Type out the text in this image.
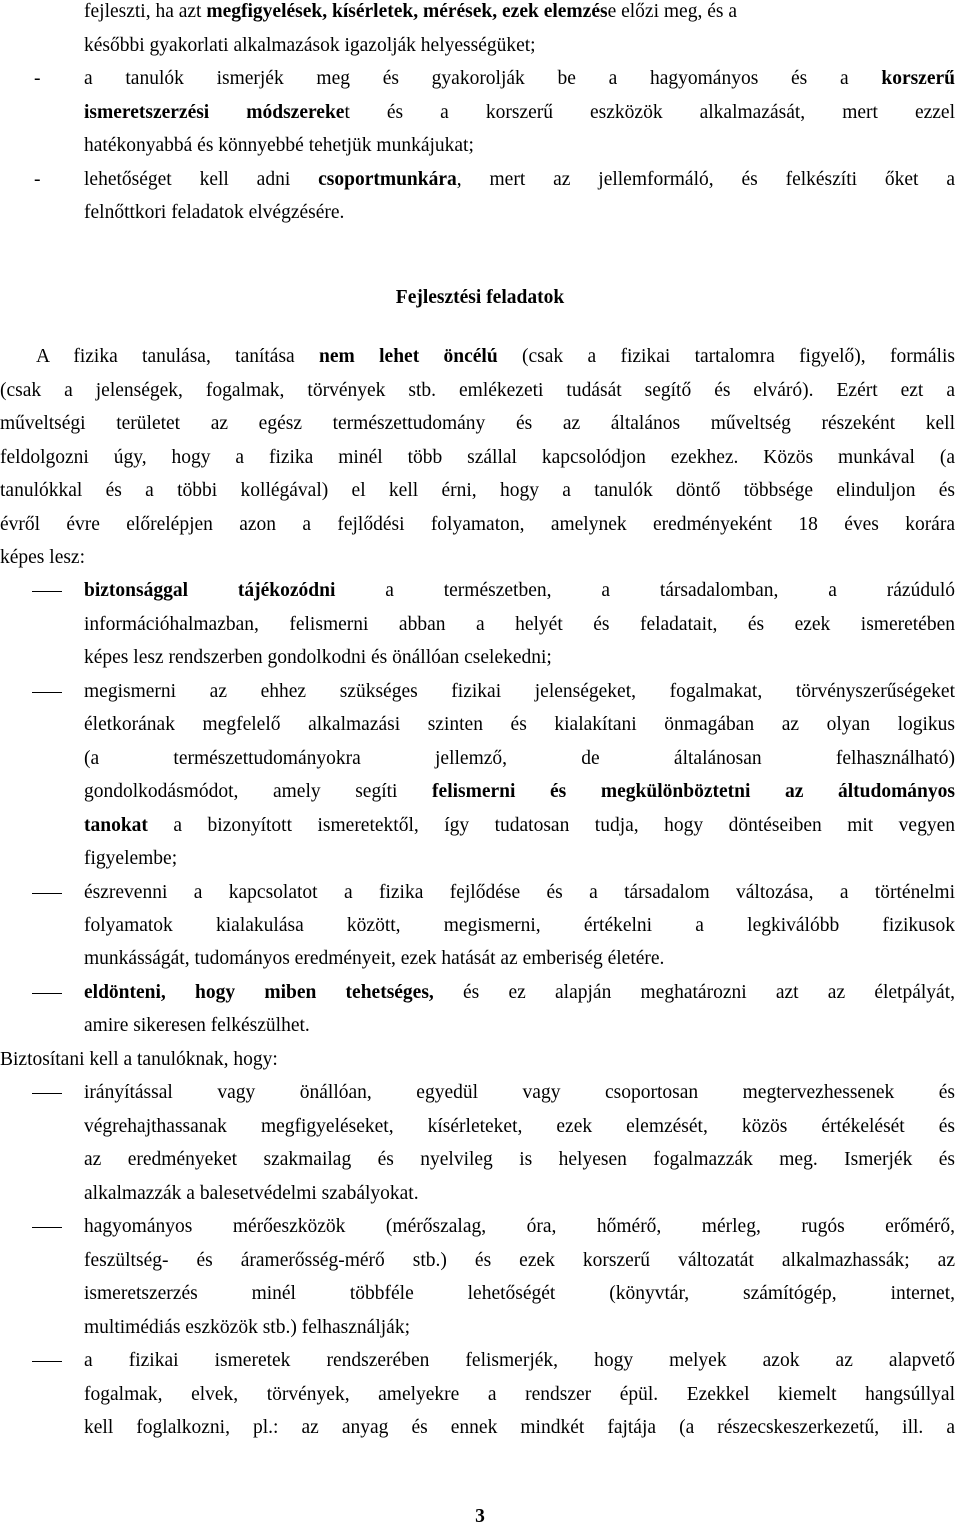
Fejlesztési feladatok
3
fejleszti, ha azt megfigyelések, kísérletek, mérések, ezek elemzése előzi meg, és a
későbbi gyakorlati alkalmazások igazolják helyességüket;
- a tanulók ismerjék meg és gyakorolják be a hagyományos és a korszerű
ismeretszerzési módszereket és a korszerű eszközök alkalmazását, mert ezzel
hatékonyabbá és könnyebbé tehetjük munkájukat;
- lehetőséget kell adni csoportmunkára, mert az jellemformáló, és felkészíti őket a
felnőttkori feladatok elvégzésére.
A fizika tanulása, tanítása nem lehet öncélú (csak a fizikai tartalomra figyelő), formális
(csak a jelenségek, fogalmak, törvények stb. emlékezeti tudását segítő és elváró). Ezért ezt a
műveltségi területet az egész természettudomány és az általános műveltség részeként kell
feldolgozni úgy, hogy a fizika minél több szállal kapcsolódjon ezekhez. Közös munkával (a
tanulókkal és a többi kollégával) el kell érni, hogy a tanulók döntő többsége elinduljon és
évről évre előrelépjen azon a fejlődési folyamaton, amelynek eredményeként 18 éves korára
képes lesz:
biztonsággal tájékozódni a természetben, a társadalomban, a rázúduló
információhalmazban, felismerni abban a helyét és feladatait, és ezek ismeretében
képes lesz rendszerben gondolkodni és önállóan cselekedni;
megismerni az ehhez szükséges fizikai jelenségeket, fogalmakat, törvényszerűségeket
életkorának megfelelő alkalmazási szinten és kialakítani önmagában az olyan logikus
(a természettudományokra jellemző, de általánosan felhasználható)
gondolkodásmódot, amely segíti felismerni és megkülönböztetni az áltudományos
tanokat a bizonyított ismeretektől, így tudatosan tudja, hogy döntéseiben mit vegyen
figyelembe;
észrevenni a kapcsolatot a fizika fejlődése és a társadalom változása, a történelmi
folyamatok kialakulása között, megismerni, értékelni a legkiválóbb fizikusok
munkásságát, tudományos eredményeit, ezek hatását az emberiség életére.
eldönteni, hogy miben tehetséges, és ez alapján meghatározni azt az életpályát,
amire sikeresen felkészülhet.
Biztosítani kell a tanulóknak, hogy:
irányítással vagy önállóan, egyedül vagy csoportosan megtervezhessenek és
végrehajthassanak megfigyeléseket, kísérleteket, ezek elemzését, közös értékelését és
az eredményeket szakmailag és nyelvileg is helyesen fogalmazzák meg. Ismerjék és
alkalmazzák a balesetvédelmi szabályokat.
hagyományos mérőeszközök (mérőszalag, óra, hőmérő, mérleg, rugós erőmérő,
feszültség- és áramerősség-mérő stb.) és ezek korszerű változatát alkalmazhassák; az
ismeretszerzés minél többféle lehetőségét (könyvtár, számítógép, internet,
multimédiás eszközök stb.) felhasználják;
a fizikai ismeretek rendszerében felismerjék, hogy melyek azok az alapvető
fogalmak, elvek, törvények, amelyekre a rendszer épül. Ezekkel kiemelt hangsúllyal
kell foglalkozni, pl.: az anyag és ennek mindkét fajtája (a részecskeszerkezetű, ill. a
